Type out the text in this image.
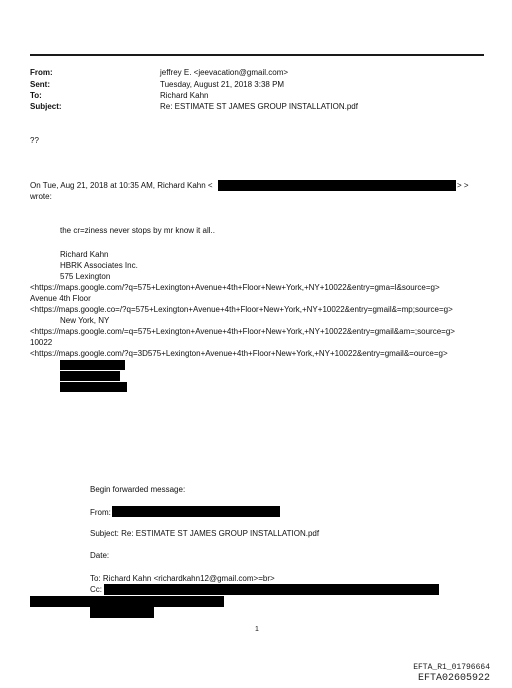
From:
Sent:
To:
Subject:
jeffrey E. <jeevacation@gmail.com>
Tuesday, August 21, 2018 3:38 PM
Richard Kahn
Re: ESTIMATE ST JAMES GROUP INSTALLATION.pdf
??
On Tue, Aug 21, 2018 at 10:35 AM, Richard Kahn <	> >
wrote:
the cr=ziness never stops by mr know it all..
Richard Kahn
HBRK Associates Inc.
575 Lexington
<https://maps.google.com/?q=575+Lexington+Avenue+4th+Floor+New+York,+NY+10022&entry=gma=l&source=g>
Avenue 4th Floor
<https://maps.google.co=/?q=575+Lexington+Avenue+4th+Floor+New+York,+NY+10022&entry=gmail&=mp;source=g>
New York, NY
<https://maps.google.com/=q=575+Lexington+Avenue+4th+Floor+New+York,+NY+10022&entry=gmail&am=;source=g>
10022
<https://maps.google.com/?q=3D575+Lexington+Avenue+4th+Floor+New+York,+NY+10022&entry=gmail&=ource=g>
Begin forwarded message:
From:
Subject: Re: ESTIMATE ST JAMES GROUP INSTALLATION.pdf
Date:
To: Richard Kahn <richardkahn12@gmail.com>=br>
Cc:
1
EFTA_R1_01796664
EFTA02605922
